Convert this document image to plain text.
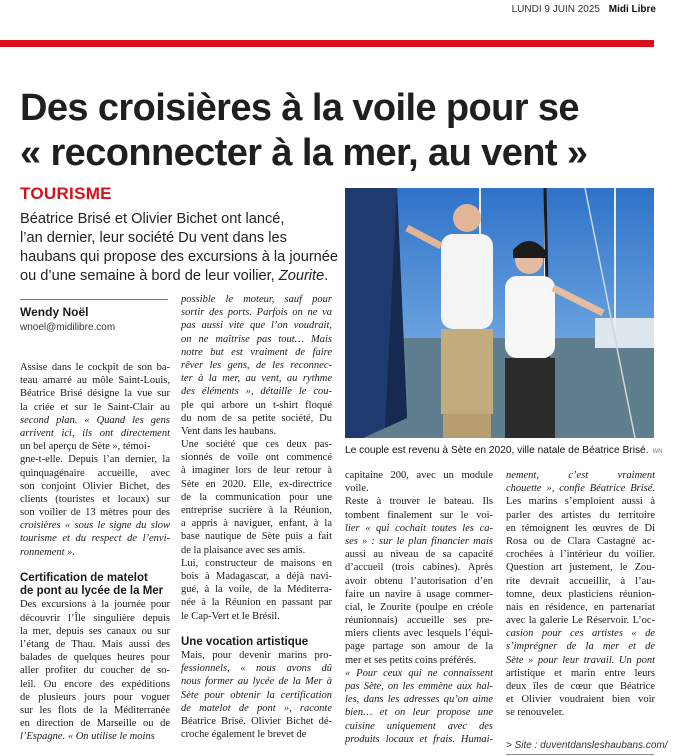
LUNDI 9 JUIN 2025 Midi Libre
Des croisières à la voile pour se
« reconnecter à la mer, au vent »
TOURISME
Béatrice Brisé et Olivier Bichet ont lancé,
l’an dernier, leur société Du vent dans les
haubans qui propose des excursions à la journée
ou d’une semaine à bord de leur voilier, Zourite.
Wendy Noël
wnoel@midilibre.com
Le couple est revenu à Sète en 2020, ville natale de Béatrice Brisé. WN
Assise dans le cockpit de son ba-
teau amarré au môle Saint-Louis,
Béatrice Brisé désigne la vue sur
la criée et sur le Saint-Clair au
second plan. « Quand les gens
arrivent ici, ils ont directement
un bel aperçu de Sète », témoi-
gne-t-elle. Depuis l’an dernier, la
quinquagénaire accueille, avec
son conjoint Olivier Bichet, des
clients (touristes et locaux) sur
son voilier de 13 mètres pour des
croisières « sous le signe du slow
tourisme et du respect de l’envi-
ronnement ».

Certification de matelot
de pont au lycée de la Mer
Des excursions à la journée pour
découvrir l’Île singulière depuis
la mer, depuis ses canaux ou sur
l’étang de Thau. Mais aussi des
balades de quelques heures pour
aller profiter du coucher de so-
leil. Ou encore des expéditions
de plusieurs jours pour voguer
sur les flots de la Méditerranée
en direction de Marseille ou de
l’Espagne. « On utilise le moins
possible le moteur, sauf pour
sortir des ports. Parfois on ne va
pas aussi vite que l’on voudrait,
on ne maîtrise pas tout… Mais
notre but est vraiment de faire
rêver les gens, de les reconnec-
ter à la mer, au vent, au rythme
des éléments », détaille le cou-
ple qui arbore un t-shirt floqué
du nom de sa petite société, Du
Vent dans les haubans.
Une société que ces deux pas-
sionnés de voile ont commencé
à imaginer lors de leur retour à
Sète en 2020. Elle, ex-directrice
de la communication pour une
entreprise sucrière à la Réunion,
a appris à naviguer, enfant, à la
base nautique de Sète puis a fait
de la plaisance avec ses amis.
Lui, constructeur de maisons en
bois à Madagascar, a déjà navi-
gué, à la voile, de la Méditerra-
née à la Réunion en passant par
le Cap-Vert et le Brésil.

Une vocation artistique
Mais, pour devenir marins pro-
fessionnels, « nous avons dû
nous former au lycée de la Mer à
Sète pour obtenir la certification
de matelot de pont », raconte
Béatrice Brisé. Olivier Bichet dé-
croche également le brevet de
capitaine 200, avec un module
voile.
Reste à trouver le bateau. Ils
tombent finalement sur le voi-
lier « qui cochait toutes les ca-
ses » : sur le plan financier mais
aussi au niveau de sa capacité
d’accueil (trois cabines). Après
avoir obtenu l’autorisation d’en
faire un navire à usage commer-
cial, le Zourite (poulpe en créole
réunionnais) accueille ses pre-
miers clients avec lesquels l’équi-
page partage son amour de la
mer et ses petits coins préférés.
« Pour ceux qui ne connaissent
pas Sète, on les emmène aux hal-
les, dans les adresses qu’on aime
bien… et on leur propose une
cuisine uniquement avec des
produits locaux et frais. Humai-
nement, c’est vraiment
chouette », confie Béatrice Brisé.
Les marins s’emploient aussi à
parler des artistes du territoire
en témoignent les œuvres de Di
Rosa ou de Clara Castagné ac-
crochées à l’intérieur du voilier.
Question art justement, le Zou-
rite devrait accueillir, à l’au-
tomne, deux plasticiens réunion-
nais en résidence, en partenariat
avec la galerie Le Réservoir. L’oc-
casion pour ces artistes « de
s’imprégner de la mer et de
Sète » pour leur travail. Un pont
artistique et marin entre leurs
deux îles de cœur que Béatrice
et Olivier voudraient bien voir
se renouveler.
> Site : duventdansleshaubans.com/
